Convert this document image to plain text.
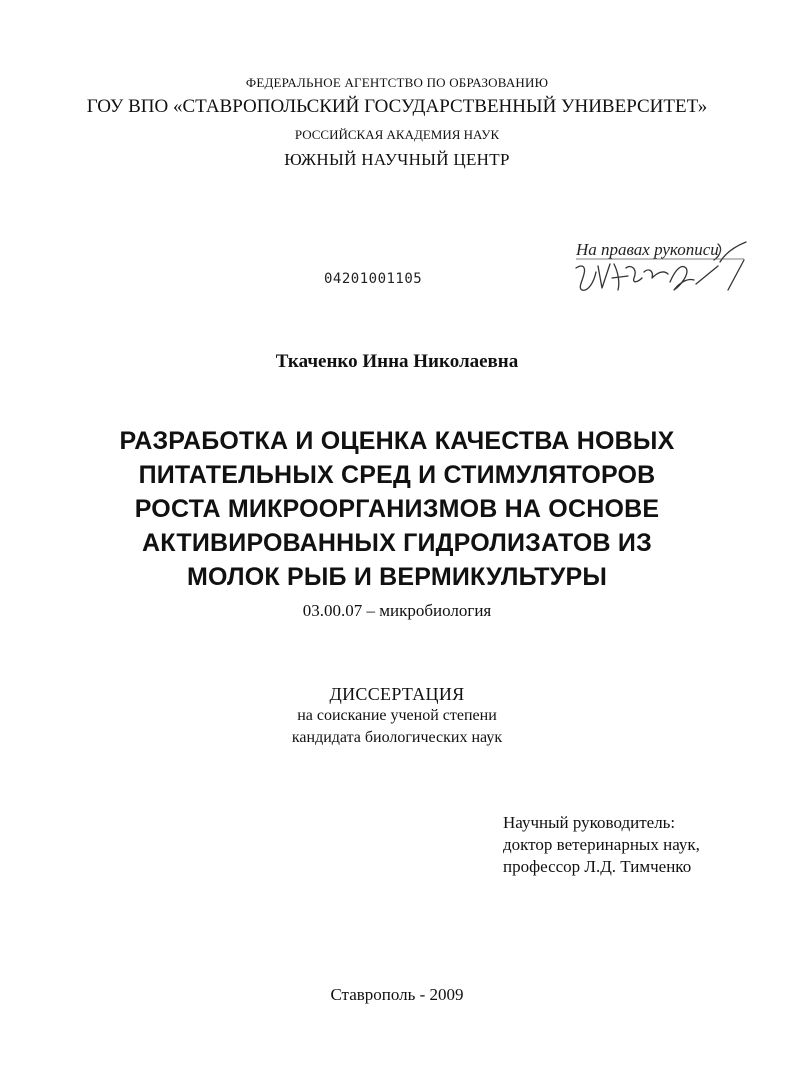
ФЕДЕРАЛЬНОЕ АГЕНТСТВО ПО ОБРАЗОВАНИЮ
ГОУ ВПО «СТАВРОПОЛЬСКИЙ ГОСУДАРСТВЕННЫЙ УНИВЕРСИТЕТ»
РОССИЙСКАЯ АКАДЕМИЯ НАУК
ЮЖНЫЙ НАУЧНЫЙ ЦЕНТР
04201001105
На правах рукописи
Ткаченко Инна Николаевна
РАЗРАБОТКА И ОЦЕНКА КАЧЕСТВА НОВЫХ
ПИТАТЕЛЬНЫХ СРЕД И СТИМУЛЯТОРОВ
РОСТА МИКРООРГАНИЗМОВ НА ОСНОВЕ
АКТИВИРОВАННЫХ ГИДРОЛИЗАТОВ ИЗ
МОЛОК РЫБ И ВЕРМИКУЛЬТУРЫ
03.00.07 – микробиология
ДИССЕРТАЦИЯ
на соискание ученой степени
кандидата биологических наук
Научный руководитель:
доктор ветеринарных наук,
профессор Л.Д. Тимченко
Ставрополь - 2009
